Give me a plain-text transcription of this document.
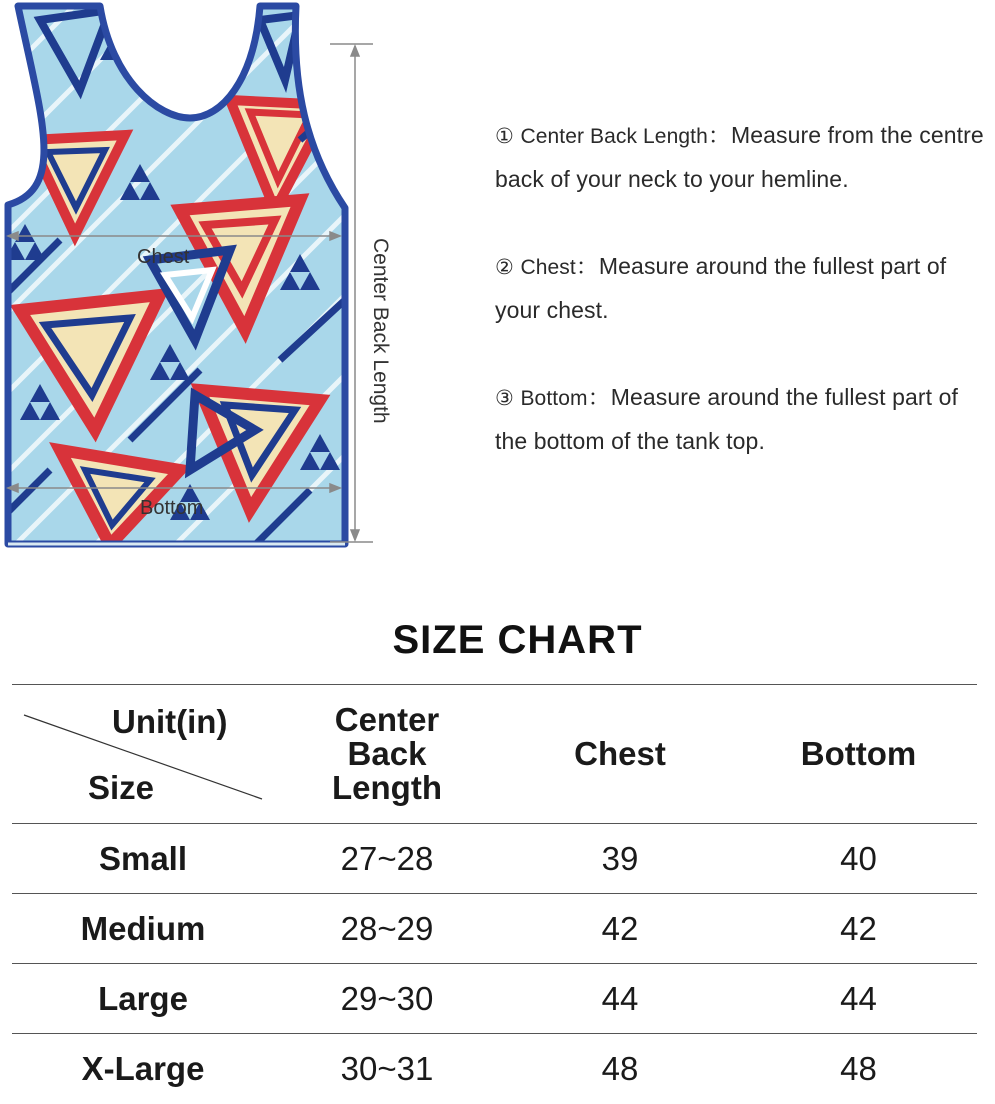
Chest
Bottom
Center Back Length

① Center Back Length：Measure from the centre back of your neck to your hemline.

② Chest：Measure around the fullest part of your chest.

③ Bottom：Measure around the fullest part of the bottom of the tank top.

SIZE CHART
Unit(in)
Size	Center Back Length	Chest	Bottom
Small	27~28	39	40
Medium	28~29	42	42
Large	29~30	44	44
X-Large	30~31	48	48
